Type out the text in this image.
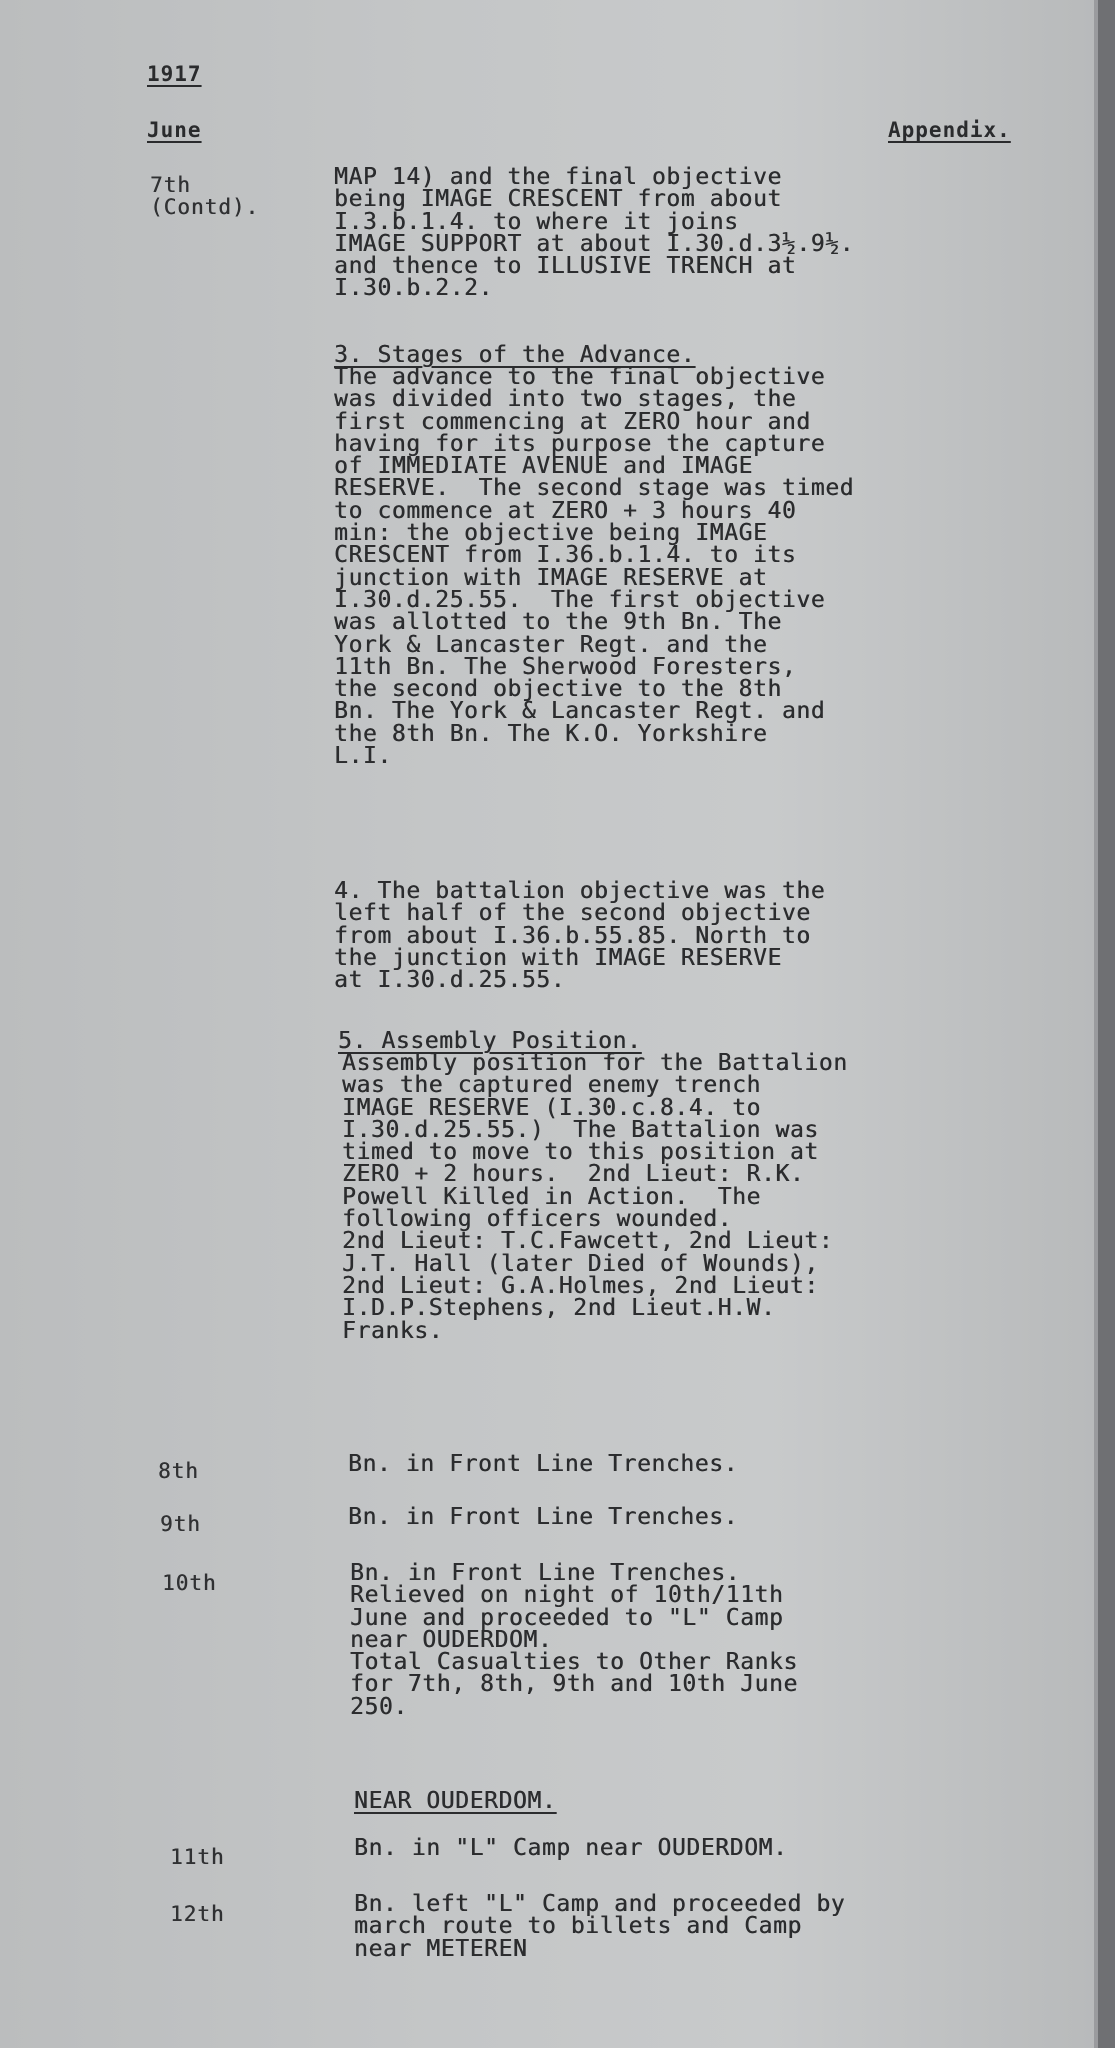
1917
June	Appendix.
7th
(Contd).
MAP 14) and the final objective
being IMAGE CRESCENT from about
I.3.b.1.4. to where it joins
IMAGE SUPPORT at about I.30.d.3½.9½.
and thence to ILLUSIVE TRENCH at
I.30.b.2.2.
3. Stages of the Advance.
The advance to the final objective
was divided into two stages, the
first commencing at ZERO hour and
having for its purpose the capture
of IMMEDIATE AVENUE and IMAGE
RESERVE.  The second stage was timed
to commence at ZERO + 3 hours 40
min: the objective being IMAGE
CRESCENT from I.36.b.1.4. to its
junction with IMAGE RESERVE at
I.30.d.25.55.  The first objective
was allotted to the 9th Bn. The
York & Lancaster Regt. and the
11th Bn. The Sherwood Foresters,
the second objective to the 8th
Bn. The York & Lancaster Regt. and
the 8th Bn. The K.O. Yorkshire
L.I.
4. The battalion objective was the
left half of the second objective
from about I.36.b.55.85. North to
the junction with IMAGE RESERVE
at I.30.d.25.55.
5. Assembly Position.
Assembly position for the Battalion
was the captured enemy trench
IMAGE RESERVE (I.30.c.8.4. to
I.30.d.25.55.)  The Battalion was
timed to move to this position at
ZERO + 2 hours.  2nd Lieut: R.K.
Powell Killed in Action.  The
following officers wounded.
2nd Lieut: T.C.Fawcett, 2nd Lieut:
J.T. Hall (later Died of Wounds),
2nd Lieut: G.A.Holmes, 2nd Lieut:
I.D.P.Stephens, 2nd Lieut.H.W.
Franks.
8th	Bn. in Front Line Trenches.
9th	Bn. in Front Line Trenches.
10th	Bn. in Front Line Trenches.
Relieved on night of 10th/11th
June and proceeded to "L" Camp
near OUDERDOM.
Total Casualties to Other Ranks
for 7th, 8th, 9th and 10th June
250.
NEAR OUDERDOM.
11th	Bn. in "L" Camp near OUDERDOM.
12th	Bn. left "L" Camp and proceeded by
march route to billets and Camp
near METEREN
